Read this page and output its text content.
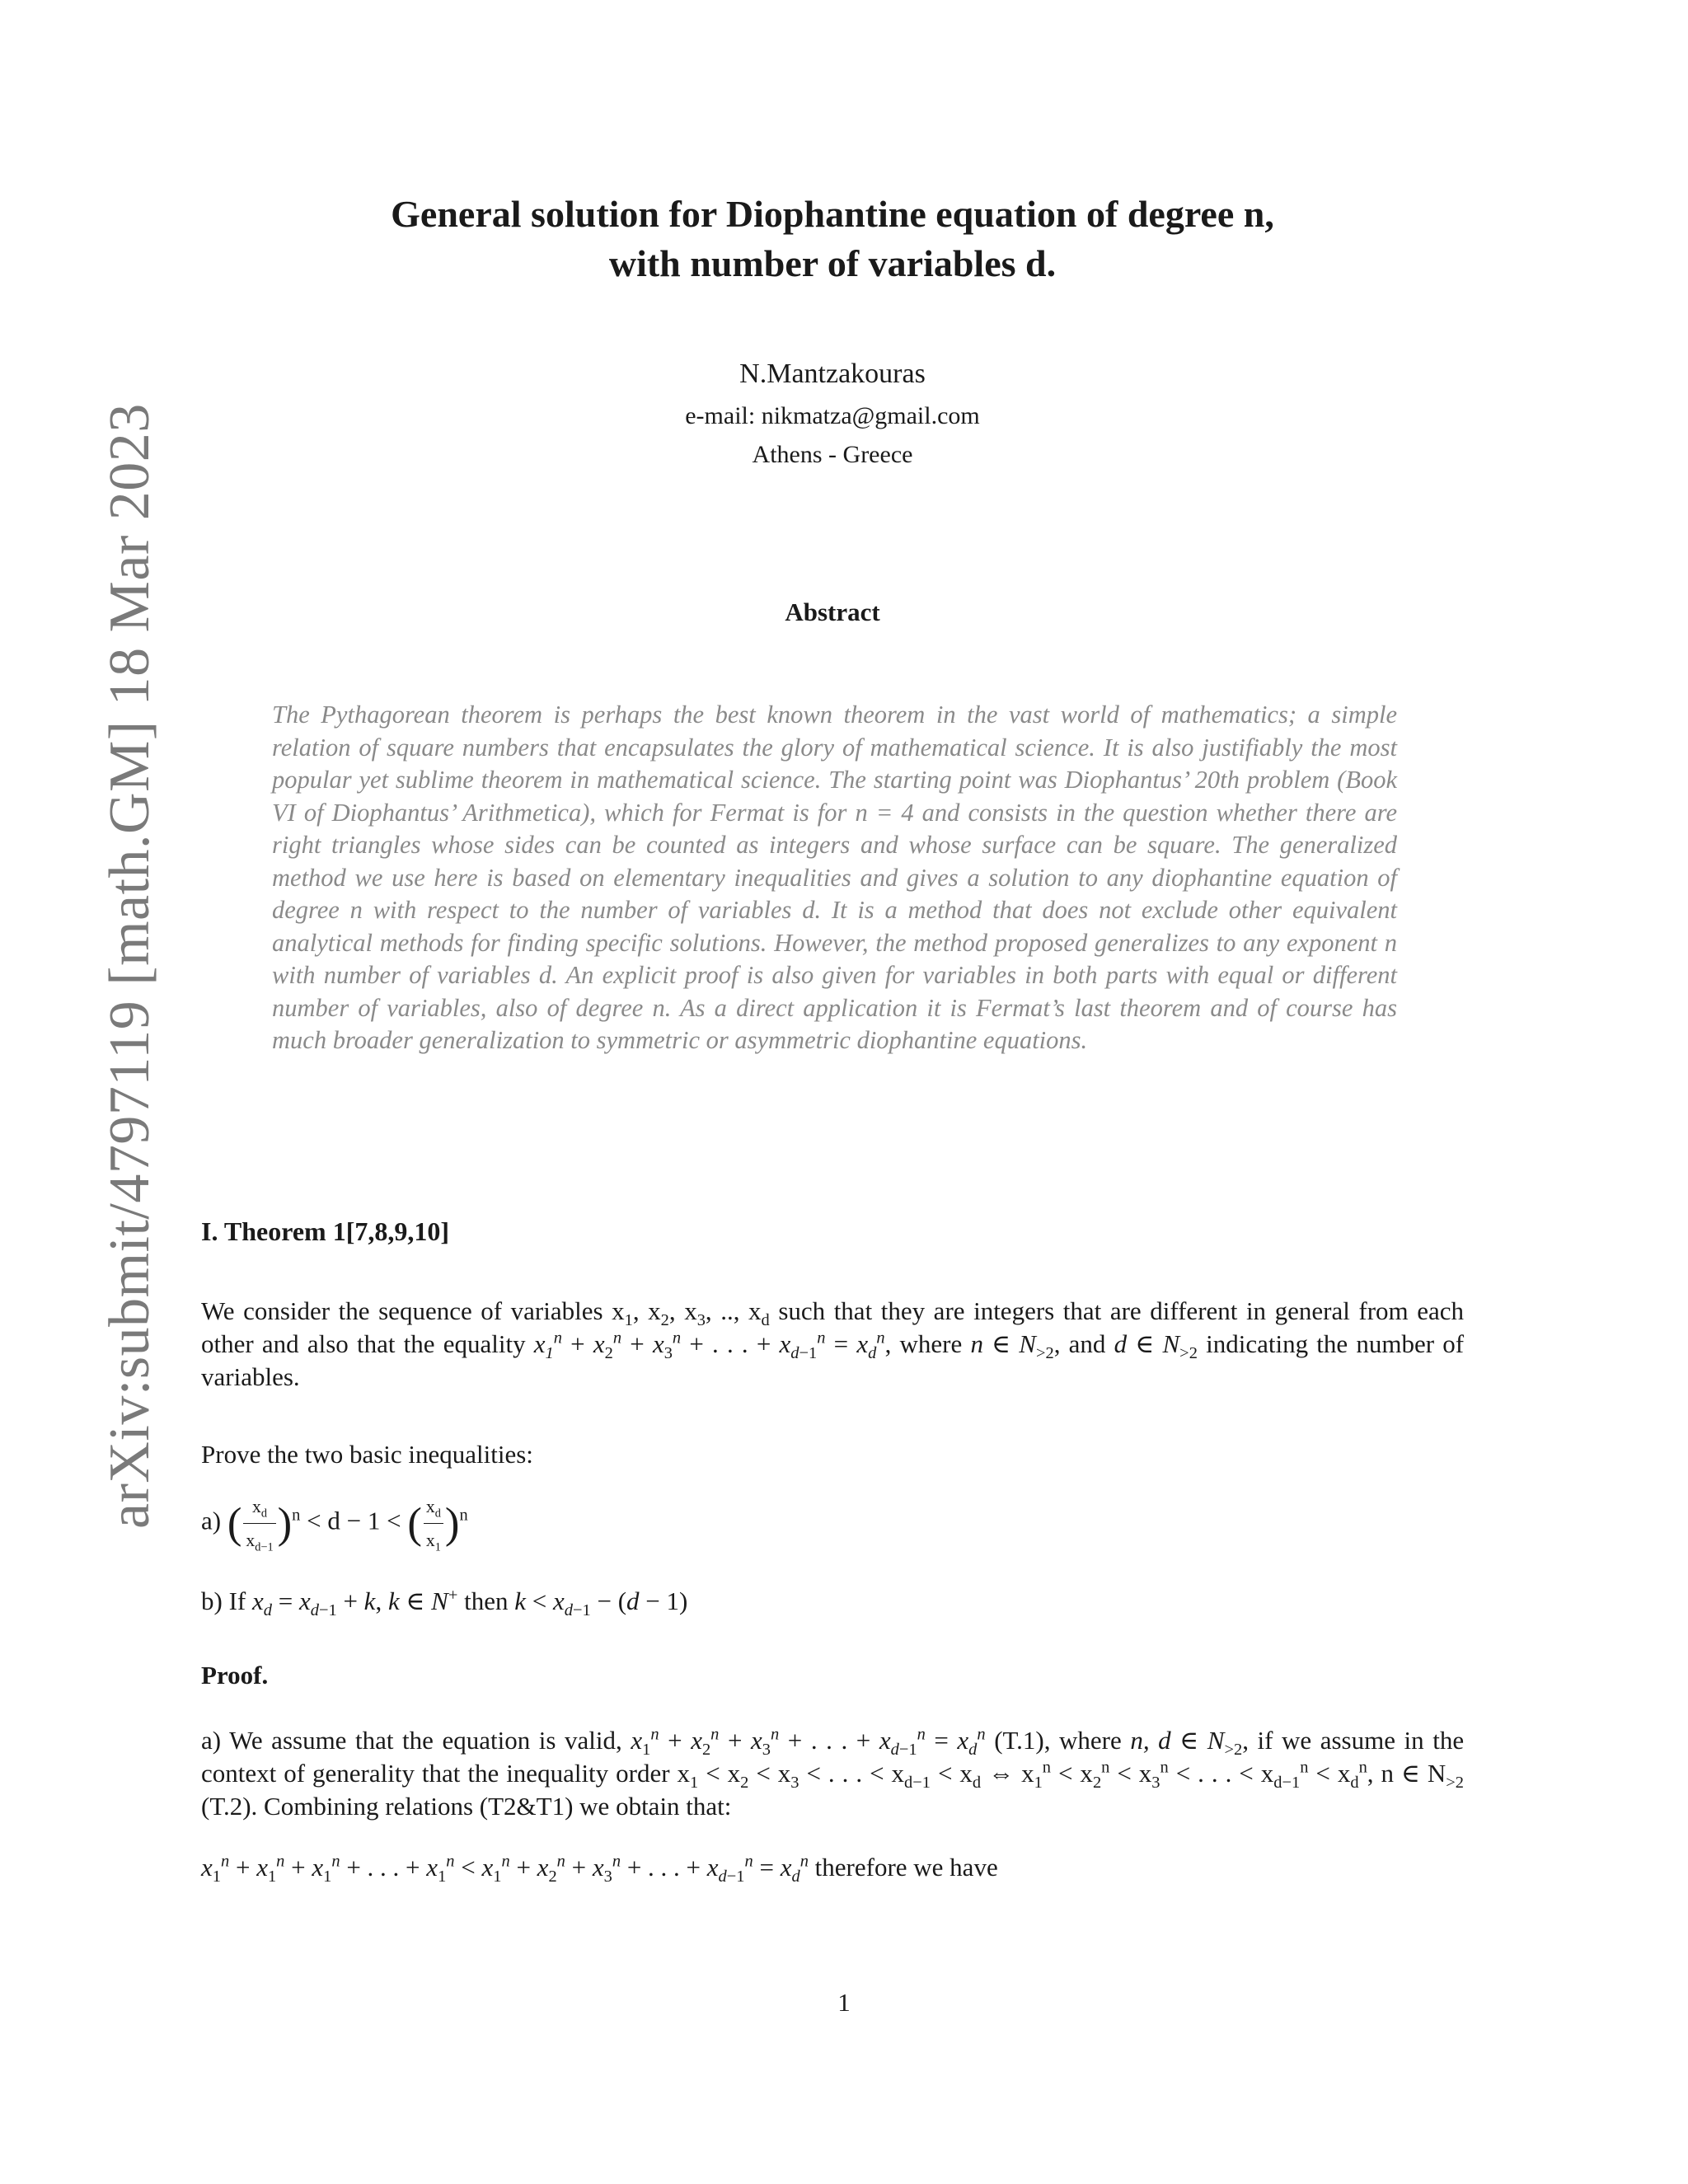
arXiv:submit/4797119 [math.GM] 18 Mar 2023
General solution for Diophantine equation of degree n,
with number of variables d.
N.Mantzakouras
e-mail: nikmatza@gmail.com
Athens - Greece
Abstract
The Pythagorean theorem is perhaps the best known theorem in the vast world of mathematics; a simple relation of square numbers that encapsulates the glory of mathematical science. It is also justifiably the most popular yet sublime theorem in mathematical science. The starting point was Diophantus’ 20th problem (Book VI of Diophantus’ Arithmetica), which for Fermat is for n = 4 and consists in the question whether there are right triangles whose sides can be counted as integers and whose surface can be square. The generalized method we use here is based on elementary inequalities and gives a solution to any diophantine equation of degree n with respect to the number of variables d. It is a method that does not exclude other equivalent analytical methods for finding specific solutions. However, the method proposed generalizes to any exponent n with number of variables d. An explicit proof is also given for variables in both parts with equal or different number of variables, also of degree n. As a direct application it is Fermat’s last theorem and of course has much broader generalization to symmetric or asymmetric diophantine equations.
I. Theorem 1[7,8,9,10]
We consider the sequence of variables $x_1$, $x_2$, $x_3$, .., $x_d$ such that they are integers that are different in general from each other and also that the equality $x_1^n + x_2^n + x_3^n$ + . . . + $x_{d-1}^n = x_d^n$, where n ∈ $N_{>2}$, and d ∈ $N_{>2}$ indicating the number of variables.
Prove the two basic inequalities:
a) ( $\frac{x_d}{x_{d-1}} )^n < d - 1$ < ( $\frac{x_d}{x_1} )^n$
b) If $x_d = x_{d-1} + k$, k ∈ N+ then $k < x_{d-1} - (d - 1)$
Proof.
a) We assume that the equation is valid, $x_1^n + x_2^n + x_3^n$ + . . . + $x_{d-1}^n = x_d^n$ (T.1), where n, d ∈ $N_{>2}$, if we assume in the context of generality that the inequality order $x_1 < x_2 < x_3$ < . . . < $x_{d-1} < x_d$ ⇔ $x_1^n < x_2^n < x_3^n$ < . . . < $x_{d-1}^n < x_d^n$, n ∈ $N_{>2}$ (T.2). Combining relations (T2&T1) we obtain that:
$x_1^n + x_1^n + x_1^n$ + . . . + $x_1^n < x_1^n + x_2^n + x_3^n$ + . . . + $x_{d-1}^n = x_d^n$ therefore we have
1
